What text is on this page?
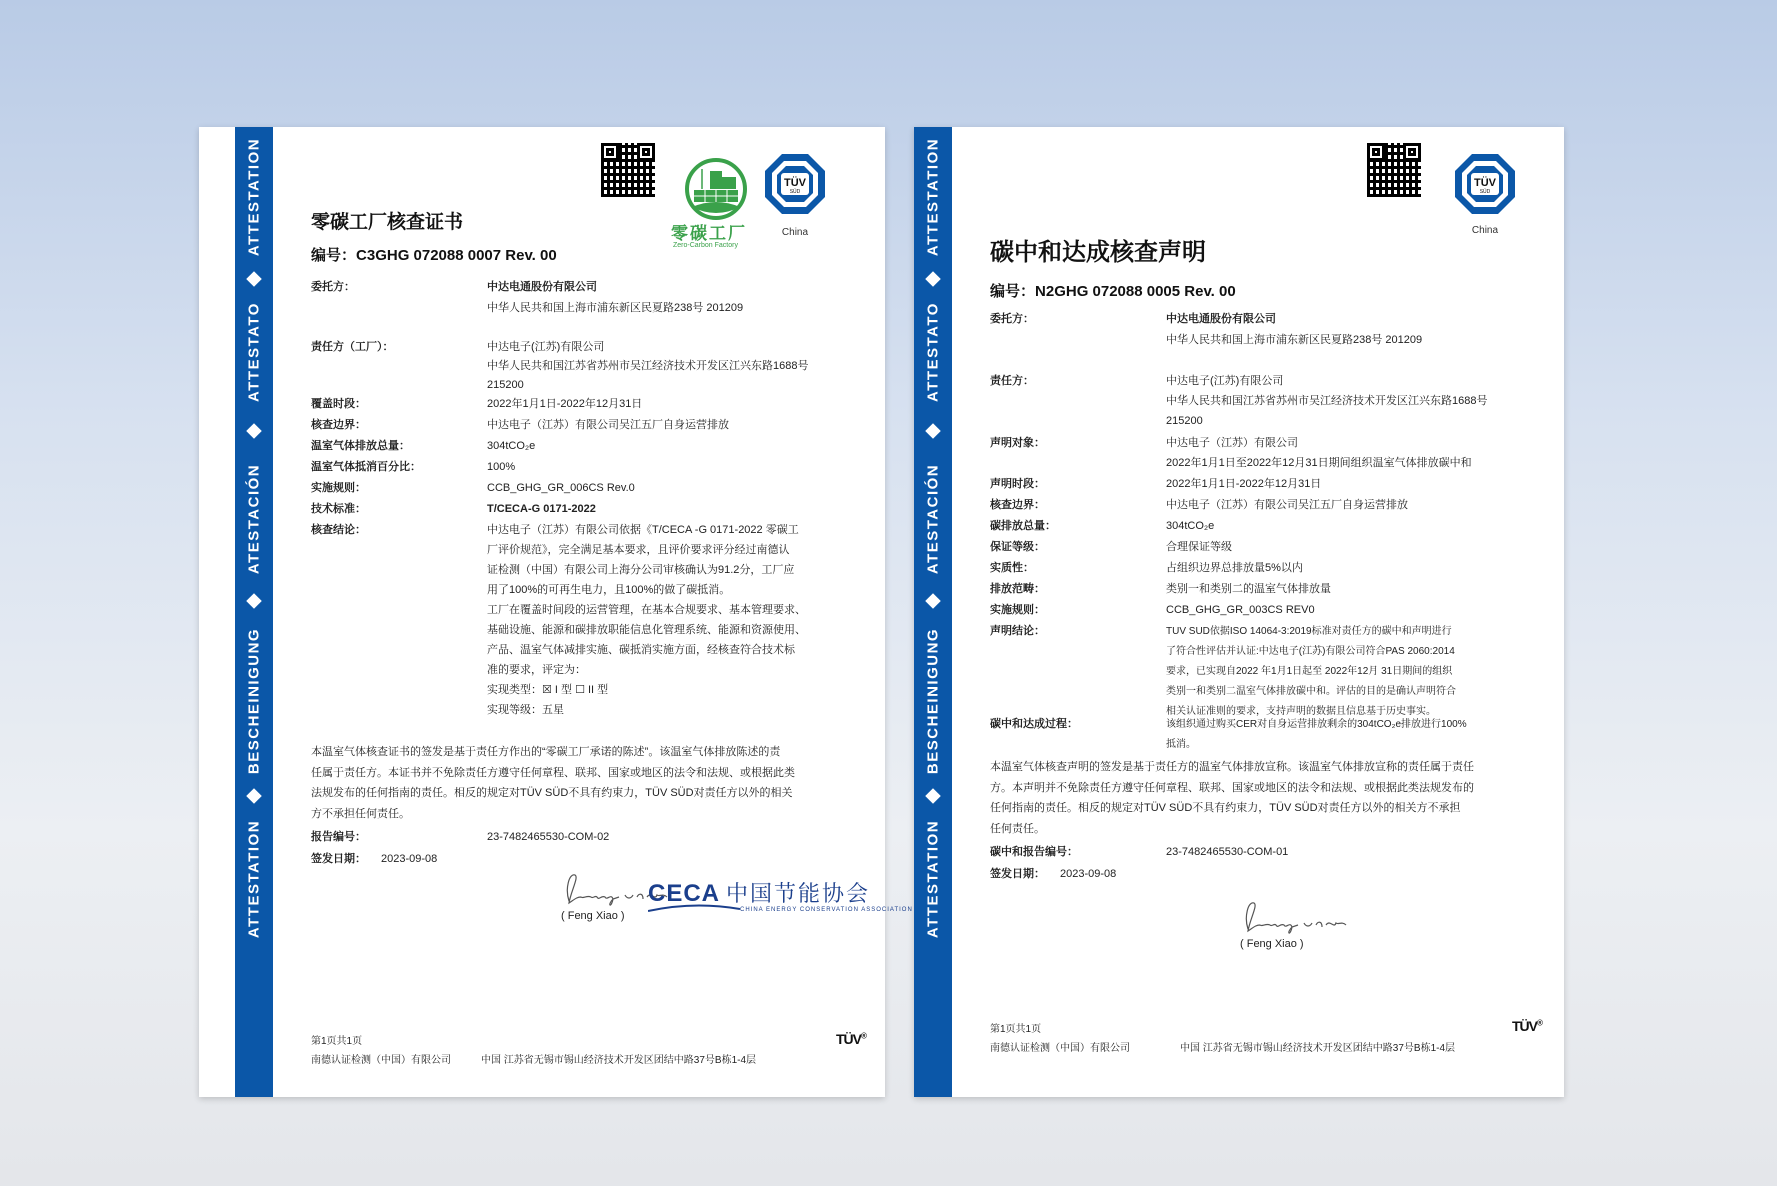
ATTESTATION
ATTESTATO
ATESTACIÓN
BESCHEINIGUNG
ATTESTATION
零碳工厂
Zero-Carbon Factory
TÜV
SÜD
China
零碳工厂核查证书
编号：C3GHG 072088 0007 Rev. 00
委托方：	中达电通股份有限公司
中华人民共和国上海市浦东新区民夏路238号 201209
责任方（工厂）：	中达电子(江苏)有限公司
中华人民共和国江苏省苏州市吴江经济技术开发区江兴东路1688号
215200
覆盖时段：	2022年1月1日-2022年12月31日
核查边界：	中达电子（江苏）有限公司吴江五厂自身运营排放
温室气体排放总量：	304tCO₂e
温室气体抵消百分比：	100%
实施规则：	CCB_GHG_GR_006CS Rev.0
技术标准：	T/CECA-G 0171-2022
核查结论：	中达电子（江苏）有限公司依据《T/CECA -G 0171-2022 零碳工
厂评价规范》，完全满足基本要求，且评价要求评分经过南德认
证检测（中国）有限公司上海分公司审核确认为91.2分，工厂应
用了100%的可再生电力，且100%的做了碳抵消。
工厂在覆盖时间段的运营管理，在基本合规要求、基本管理要求、
基础设施、能源和碳排放职能信息化管理系统、能源和资源使用、
产品、温室气体减排实施、碳抵消实施方面，经核查符合技术标
准的要求，评定为：
实现类型：☒ I 型 ☐ II 型
实现等级：五星
本温室气体核查证书的签发是基于责任方作出的“零碳工厂承诺的陈述”。该温室气体排放陈述的责
任属于责任方。本证书并不免除责任方遵守任何章程、联邦、国家或地区的法令和法规、或根据此类
法规发布的任何指南的责任。相反的规定对TÜV SÜD不具有约束力，TÜV SÜD对责任方以外的相关
方不承担任何责任。
报告编号：	23-7482465530-COM-02
签发日期： 2023-09-08
( Feng Xiao )
CECA 中国节能协会
CHINA ENERGY CONSERVATION ASSOCIATION
第1页共1页
南德认证检测（中国）有限公司	中国 江苏省无锡市锡山经济技术开发区团结中路37号B栋1-4层
TÜV®
ATTESTATION
ATTESTATO
ATESTACIÓN
BESCHEINIGUNG
ATTESTATION
TÜV
SÜD
China
碳中和达成核查声明
编号：N2GHG 072088 0005 Rev. 00
委托方：	中达电通股份有限公司
中华人民共和国上海市浦东新区民夏路238号 201209
责任方：	中达电子(江苏)有限公司
中华人民共和国江苏省苏州市吴江经济技术开发区江兴东路1688号
215200
声明对象：	中达电子（江苏）有限公司
2022年1月1日至2022年12月31日期间组织温室气体排放碳中和
声明时段：	2022年1月1日-2022年12月31日
核查边界：	中达电子（江苏）有限公司吴江五厂自身运营排放
碳排放总量：	304tCO₂e
保证等级：	合理保证等级
实质性：	占组织边界总排放量5%以内
排放范畴：	类别一和类别二的温室气体排放量
实施规则：	CCB_GHG_GR_003CS REV0
声明结论：	TUV SUD依据ISO 14064-3:2019标准对责任方的碳中和声明进行
了符合性评估并认证:中达电子(江苏)有限公司符合PAS 2060:2014
要求，已实现自2022 年1月1日起至 2022年12月 31日期间的组织
类别一和类别二温室气体排放碳中和。评估的目的是确认声明符合
相关认证准则的要求，支持声明的数据且信息基于历史事实。
碳中和达成过程：	该组织通过购买CER对自身运营排放剩余的304tCO₂e排放进行100%
抵消。
本温室气体核查声明的签发是基于责任方的温室气体排放宣称。该温室气体排放宣称的责任属于责任
方。本声明并不免除责任方遵守任何章程、联邦、国家或地区的法令和法规、或根据此类法规发布的
任何指南的责任。相反的规定对TÜV SÜD不具有约束力，TÜV SÜD对责任方以外的相关方不承担
任何责任。
碳中和报告编号：	23-7482465530-COM-01
签发日期： 2023-09-08
( Feng Xiao )
第1页共1页
南德认证检测（中国）有限公司	中国 江苏省无锡市锡山经济技术开发区团结中路37号B栋1-4层
TÜV®
